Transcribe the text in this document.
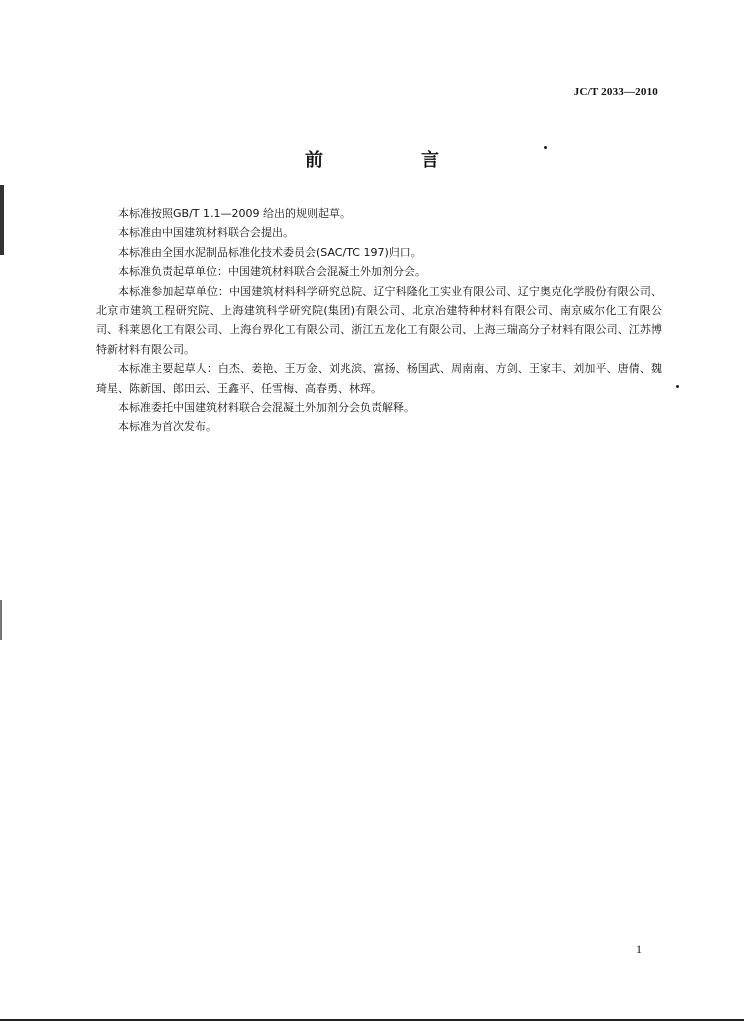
JC/T 2033—2010
前　言

本标准按照GB/T 1.1—2009 给出的规则起草。

本标准由中国建筑材料联合会提出。

本标准由全国水泥制品标准化技术委员会(SAC/TC 197)归口。

本标准负责起草单位：中国建筑材料联合会混凝土外加剂分会。

本标准参加起草单位：中国建筑材料科学研究总院、辽宁科隆化工实业有限公司、辽宁奥克化学股份有限公司、北京市建筑工程研究院、上海建筑科学研究院(集团)有限公司、北京冶建特种材料有限公司、南京威尔化工有限公司、科莱恩化工有限公司、上海台界化工有限公司、浙江五龙化工有限公司、上海三瑞高分子材料有限公司、江苏博特新材料有限公司。

本标准主要起草人：白杰、姜艳、王万金、刘兆滨、富扬、杨国武、周南南、方剑、王家丰、刘加平、唐倩、魏琦星、陈新国、郎田云、王鑫平、任雪梅、高春勇、林珲。

本标准委托中国建筑材料联合会混凝土外加剂分会负责解释。

本标准为首次发布。

1
